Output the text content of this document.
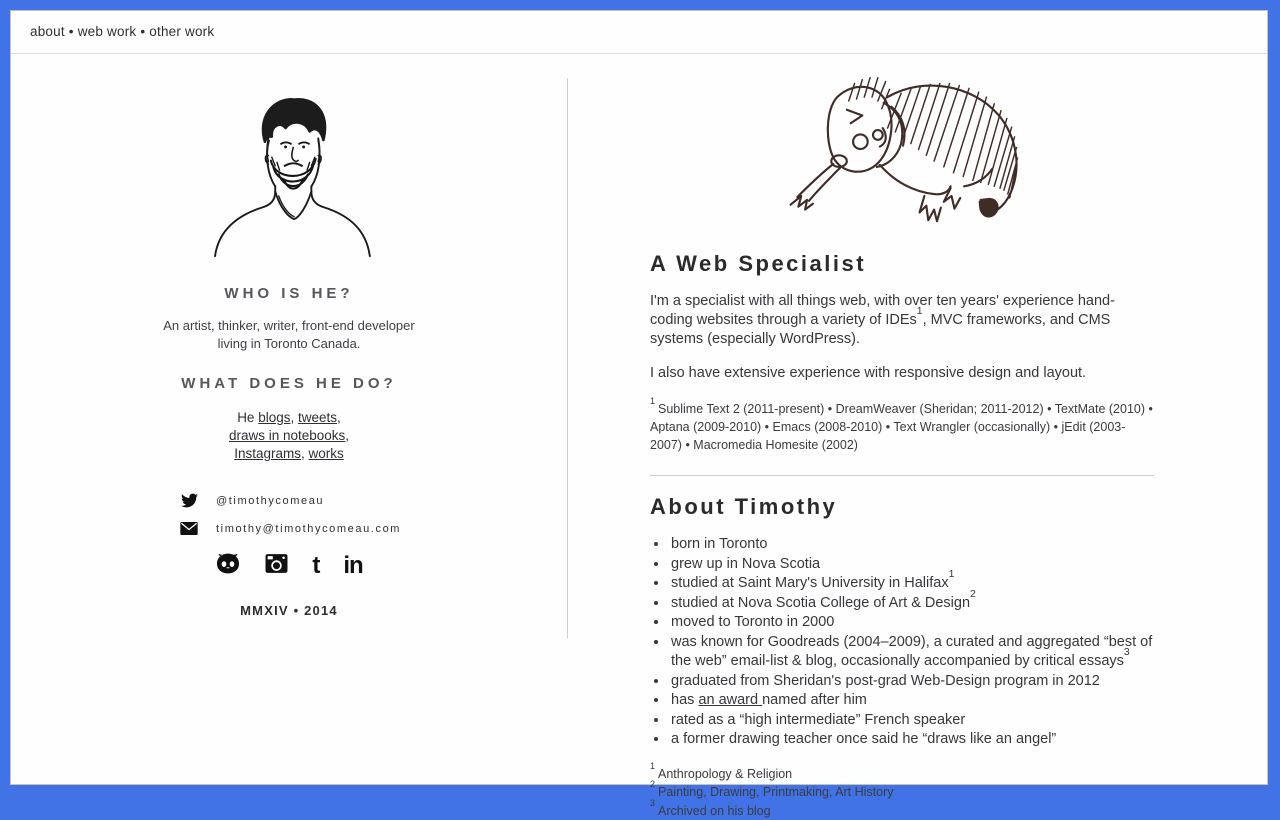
about • web work • other work
WHO IS HE?

An artist, thinker, writer, front-end developer living in Toronto Canada.

WHAT DOES HE DO?

He blogs, tweets,
draws in notebooks,
Instagrams, works

@timothycomeau
timothy@timothycomeau.com
t in
MMXIV • 2014
A Web Specialist

I'm a specialist with all things web, with over ten years' experience hand-coding websites through a variety of IDEs$^1$, MVC frameworks, and CMS systems (especially WordPress).

I also have extensive experience with responsive design and layout.

$^1$Sublime Text 2 (2011-present) • DreamWeaver (Sheridan; 2011-2012) • TextMate (2010) • Aptana (2009-2010) • Emacs (2008-2010) • Text Wrangler (occasionally) • jEdit (2003-2007) • Macromedia Homesite (2002)

About Timothy
• born in Toronto
• grew up in Nova Scotia
• studied at Saint Mary's University in Halifax$^1$
• studied at Nova Scotia College of Art & Design$^2$
• moved to Toronto in 2000
• was known for Goodreads (2004–2009), a curated and aggregated “best of the web” email-list & blog, occasionally accompanied by critical essays$^3$
• graduated from Sheridan's post-grad Web-Design program in 2012
• has an award named after him
• rated as a “high intermediate” French speaker
• a former drawing teacher once said he “draws like an angel”
$^1$Anthropology & Religion
$^2$Painting, Drawing, Printmaking, Art History
$^3$Archived on his blog
